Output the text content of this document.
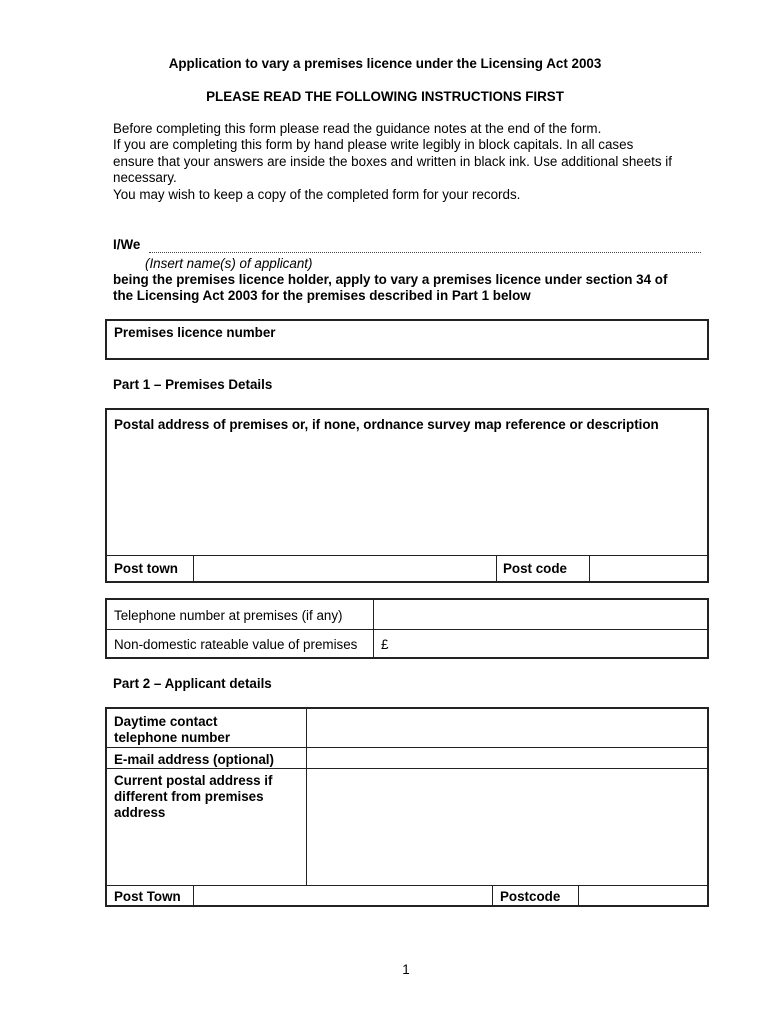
Application to vary a premises licence under the Licensing Act 2003
PLEASE READ THE FOLLOWING INSTRUCTIONS FIRST
Before completing this form please read the guidance notes at the end of the form.
If you are completing this form by hand please write legibly in block capitals. In all cases
ensure that your answers are inside the boxes and written in black ink. Use additional sheets if
necessary.
You may wish to keep a copy of the completed form for your records.
I/We
(Insert name(s) of applicant)
being the premises licence holder, apply to vary a premises licence under section 34 of
the Licensing Act 2003 for the premises described in Part 1 below
Premises licence number
Part 1 – Premises Details
Postal address of premises or, if none, ordnance survey map reference or description
Post town	Post code
Telephone number at premises (if any)
Non-domestic rateable value of premises £
Part 2 – Applicant details
Daytime contact
telephone number
E-mail address (optional)
Current postal address if
different from premises
address
Post Town	Postcode
1
